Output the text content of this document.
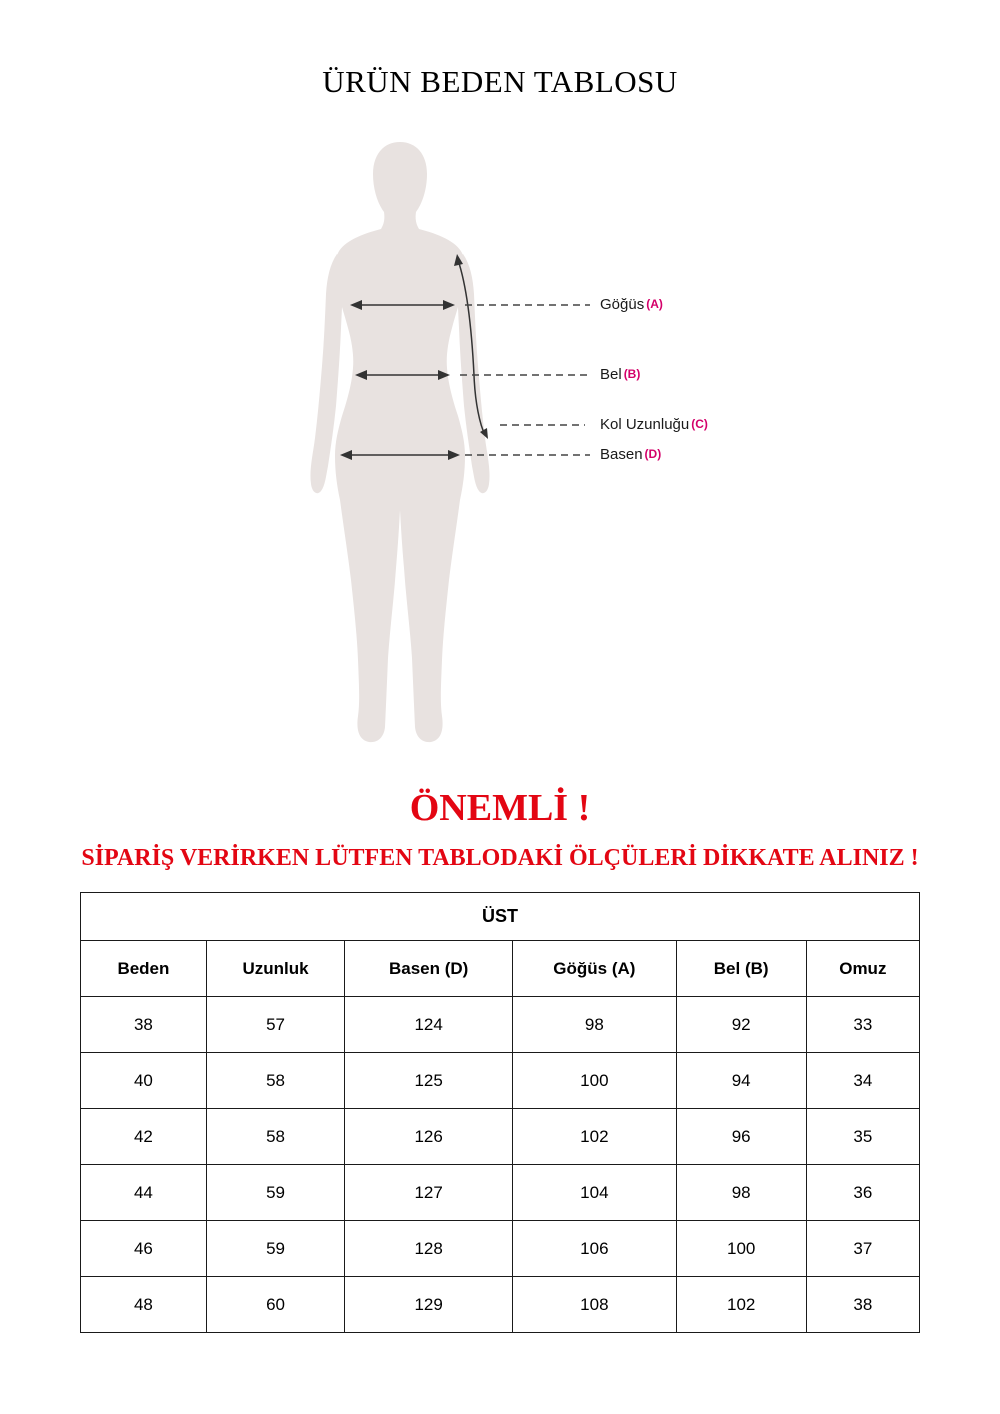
ÜRÜN BEDEN TABLOSU
Göğüs (A)
Bel (B)
Kol Uzunluğu (C)
Basen (D)
ÖNEMLİ !
SİPARİŞ VERİRKEN LÜTFEN TABLODAKİ ÖLÇÜLERİ DİKKATE ALINIZ !
ÜST					
Beden	Uzunluk	Basen (D)	Göğüs (A)	Bel (B)	Omuz
38	57	124	98	92	33
40	58	125	100	94	34
42	58	126	102	96	35
44	59	127	104	98	36
46	59	128	106	100	37
48	60	129	108	102	38
